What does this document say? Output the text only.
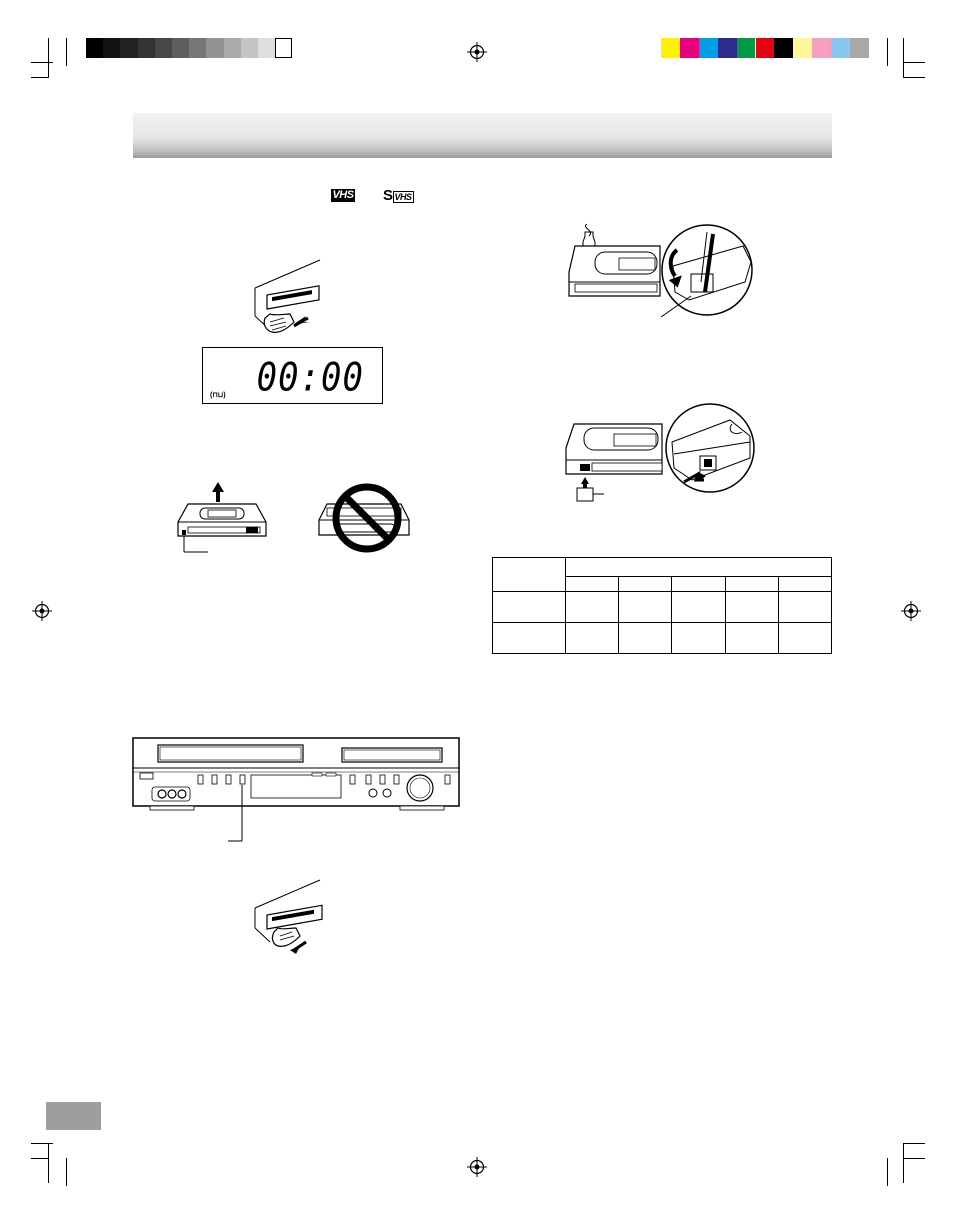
VHS SVHS
(⊓⊔) 00:00
